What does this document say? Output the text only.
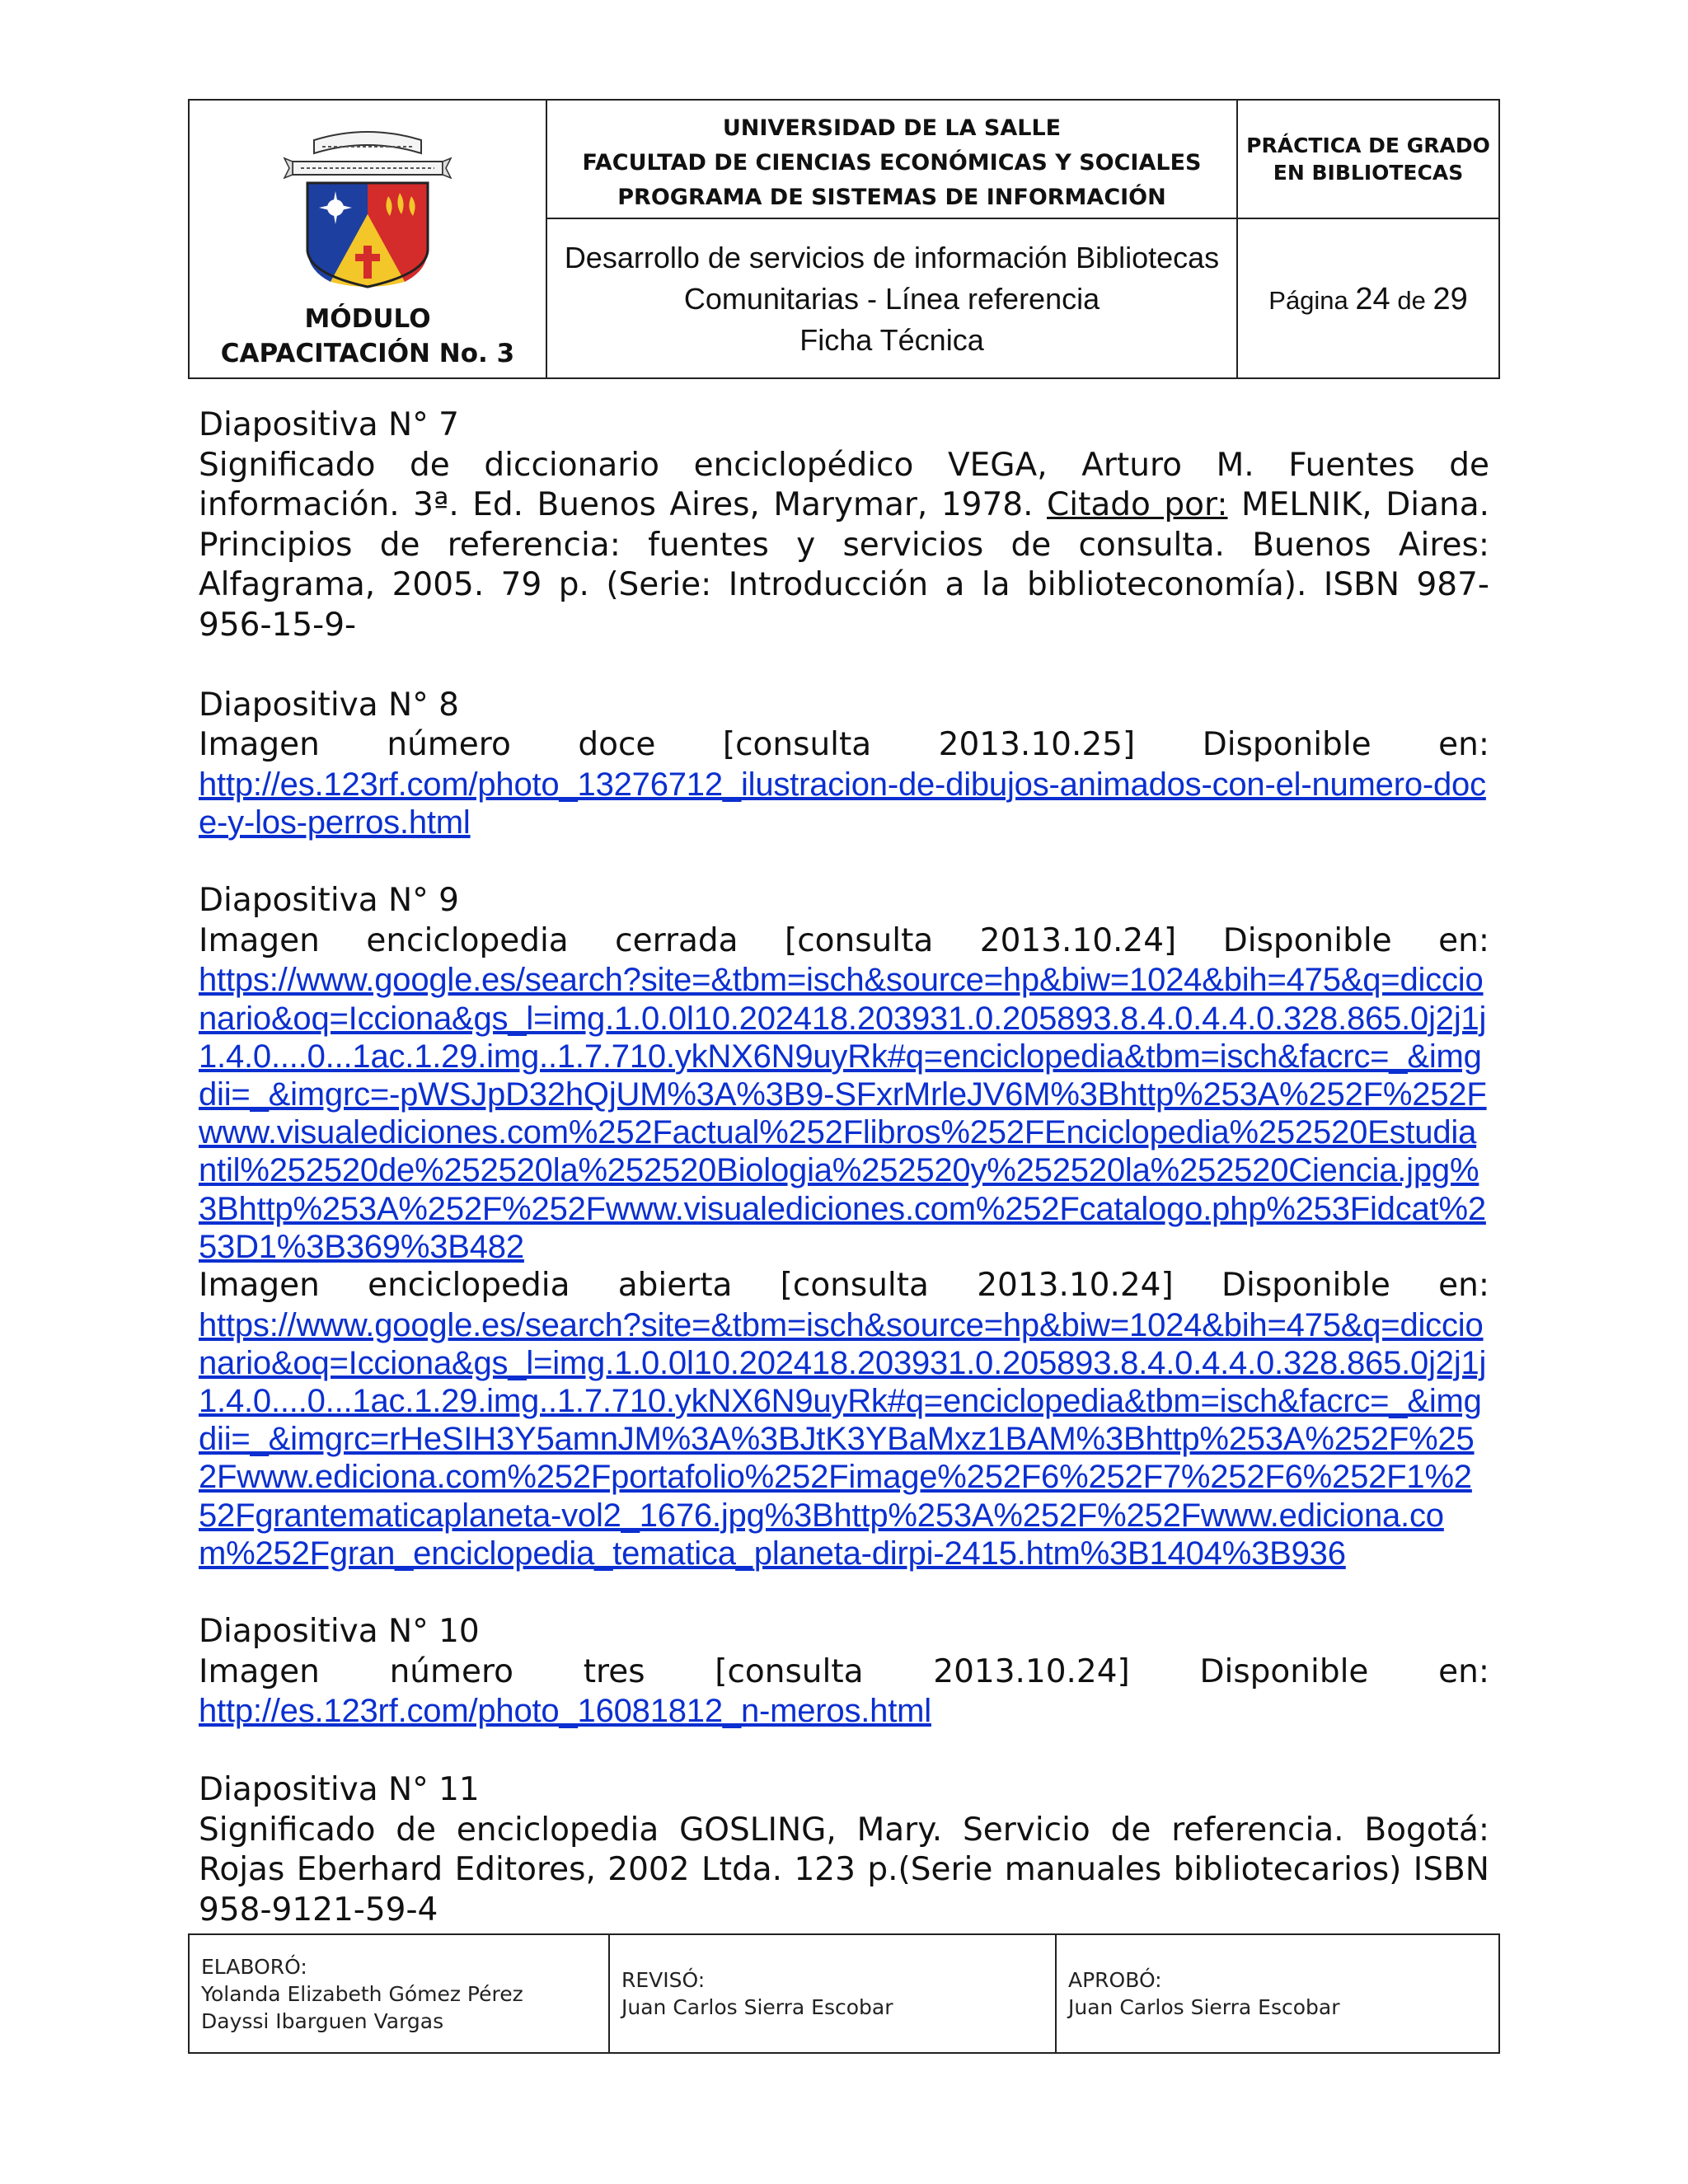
MÓDULO
CAPACITACIÓN No. 3
UNIVERSIDAD DE LA SALLE
FACULTAD DE CIENCIAS ECONÓMICAS Y SOCIALES
PROGRAMA DE SISTEMAS DE INFORMACIÓN
PRÁCTICA DE GRADO
EN BIBLIOTECAS
Desarrollo de servicios de información Bibliotecas
Comunitarias - Línea referencia
Ficha Técnica
Página 24 de 29

Diapositiva N° 7

Significado de diccionario enciclopédico VEGA, Arturo M. Fuentes de información. 3ª. Ed. Buenos Aires, Marymar, 1978. Citado por: MELNIK, Diana. Principios de referencia: fuentes y servicios de consulta. Buenos Aires: Alfagrama, 2005. 79 p. (Serie: Introducción a la biblioteconomía). ISBN 987-956-15-9-

Diapositiva N° 8

Imagen número doce [consulta 2013.10.25] Disponible en:

http://es.123rf.com/photo_13276712_ilustracion-de-dibujos-animados-con-el-numero-doce-y-los-perros.html

Diapositiva N° 9

Imagen enciclopedia cerrada [consulta 2013.10.24] Disponible en:

https://www.google.es/search?site=&tbm=isch&source=hp&biw=1024&bih=475&q=diccionario&oq=Icciona&gs_l=img.1.0.0l10.202418.203931.0.205893.8.4.0.4.4.0.328.865.0j2j1j1.4.0....0...1ac.1.29.img..1.7.710.ykNX6N9uyRk#q=enciclopedia&tbm=isch&facrc=_&imgdii=_&imgrc=-pWSJpD32hQjUM%3A%3B9-SFxrMrleJV6M%3Bhttp%253A%252F%252Fwww.visualediciones.com%252Factual%252Flibros%252FEnciclopedia%252520Estudiantil%252520de%252520la%252520Biologia%252520y%252520la%252520Ciencia.jpg%3Bhttp%253A%252F%252Fwww.visualediciones.com%252Fcatalogo.php%253Fidcat%253D1%3B369%3B482

Imagen enciclopedia abierta [consulta 2013.10.24] Disponible en:

https://www.google.es/search?site=&tbm=isch&source=hp&biw=1024&bih=475&q=diccionario&oq=Icciona&gs_l=img.1.0.0l10.202418.203931.0.205893.8.4.0.4.4.0.328.865.0j2j1j1.4.0....0...1ac.1.29.img..1.7.710.ykNX6N9uyRk#q=enciclopedia&tbm=isch&facrc=_&imgdii=_&imgrc=rHeSIH3Y5amnJM%3A%3BJtK3YBaMxz1BAM%3Bhttp%253A%252F%252Fwww.ediciona.com%252Fportafolio%252Fimage%252F6%252F7%252F6%252F1%252Fgrantematicaplaneta-vol2_1676.jpg%3Bhttp%253A%252F%252Fwww.ediciona.com%252Fgran_enciclopedia_tematica_planeta-dirpi-2415.htm%3B1404%3B936

Diapositiva N° 10

Imagen número tres [consulta 2013.10.24] Disponible en:

http://es.123rf.com/photo_16081812_n-meros.html

Diapositiva N° 11

Significado de enciclopedia GOSLING, Mary. Servicio de referencia. Bogotá: Rojas Eberhard Editores, 2002 Ltda. 123 p.(Serie manuales bibliotecarios) ISBN 958-9121-59-4

ELABORÓ:
Yolanda Elizabeth Gómez Pérez
Dayssi Ibarguen Vargas
REVISÓ:
Juan Carlos Sierra Escobar
APROBÓ:
Juan Carlos Sierra Escobar
